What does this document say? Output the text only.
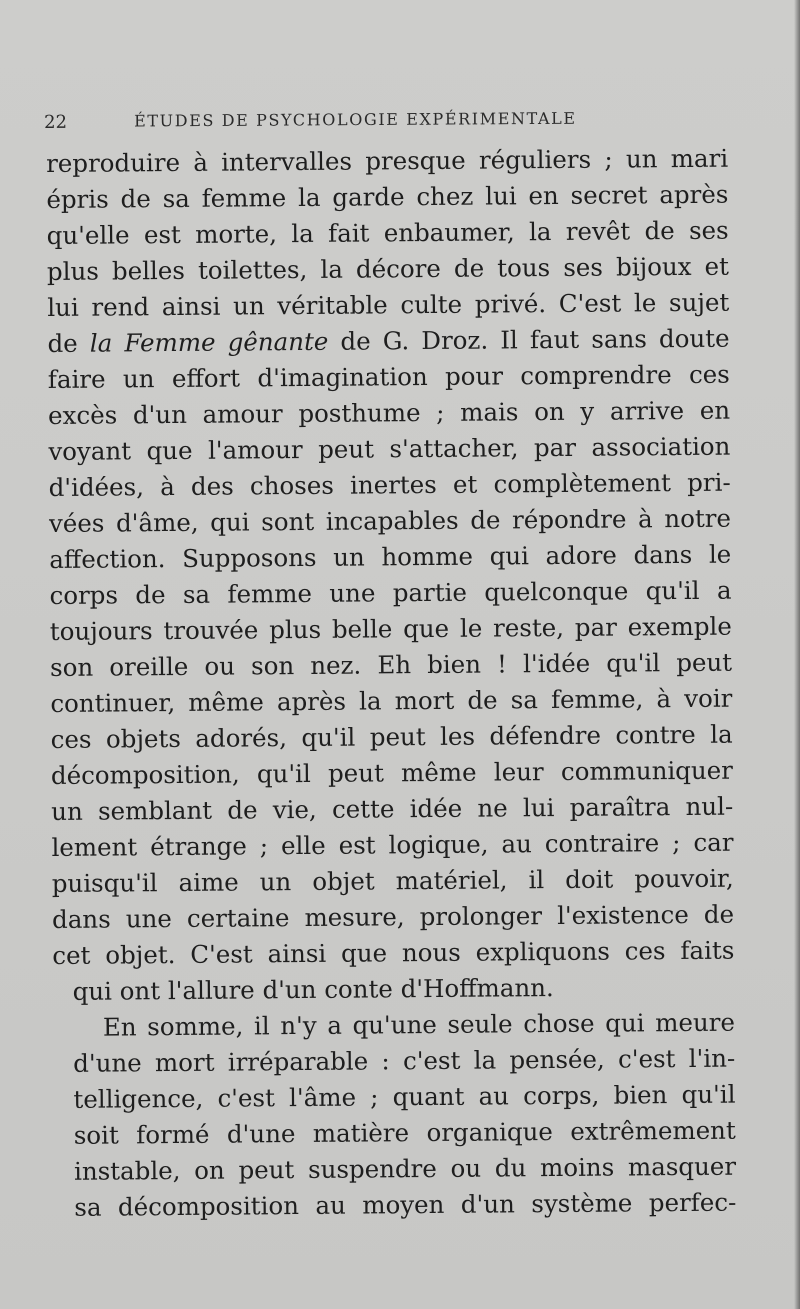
22	ÉTUDES DE PSYCHOLOGIE EXPÉRIMENTALE
reproduire à intervalles presque réguliers ; un mari
épris de sa femme la garde chez lui en secret après
qu'elle est morte, la fait enbaumer, la revêt de ses
plus belles toilettes, la décore de tous ses bijoux et
lui rend ainsi un véritable culte privé. C'est le sujet
de la Femme gênante de G. Droz. Il faut sans doute
faire un effort d'imagination pour comprendre ces
excès d'un amour posthume ; mais on y arrive en
voyant que l'amour peut s'attacher, par association
d'idées, à des choses inertes et complètement pri-
vées d'âme, qui sont incapables de répondre à notre
affection. Supposons un homme qui adore dans le
corps de sa femme une partie quelconque qu'il a
toujours trouvée plus belle que le reste, par exemple
son oreille ou son nez. Eh bien ! l'idée qu'il peut
continuer, même après la mort de sa femme, à voir
ces objets adorés, qu'il peut les défendre contre la
décomposition, qu'il peut même leur communiquer
un semblant de vie, cette idée ne lui paraîtra nul-
lement étrange ; elle est logique, au contraire ; car
puisqu'il aime un objet matériel, il doit pouvoir,
dans une certaine mesure, prolonger l'existence de
cet objet. C'est ainsi que nous expliquons ces faits
qui ont l'allure d'un conte d'Hoffmann.
En somme, il n'y a qu'une seule chose qui meure
d'une mort irréparable : c'est la pensée, c'est l'in-
telligence, c'est l'âme ; quant au corps, bien qu'il
soit formé d'une matière organique extrêmement
instable, on peut suspendre ou du moins masquer
sa décomposition au moyen d'un système perfec-
